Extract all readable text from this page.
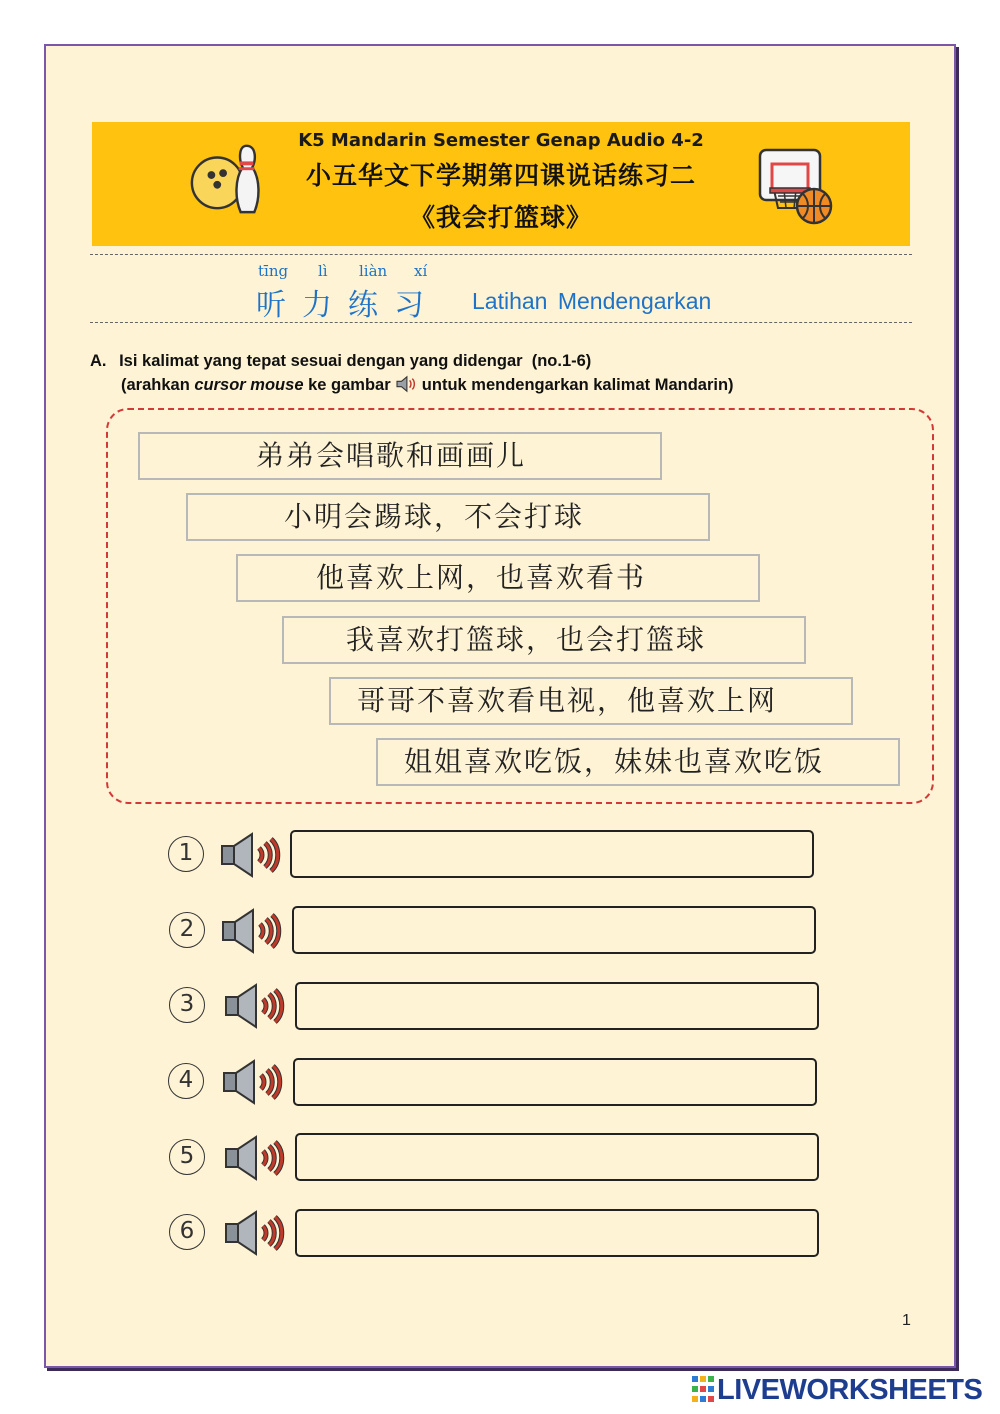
K5 Mandarin Semester Genap Audio 4-2
小五华文下学期第四课说话练习二
《我会打篮球》
tīng lì liàn xí
听力练习 Latihan Mendengarkan
A. Isi kalimat yang tepat sesuai dengan yang didengar  (no.1-6)
(arahkan cursor mouse ke gambar  untuk mendengarkan kalimat Mandarin)
弟弟会唱歌和画画儿
小明会踢球，不会打球
他喜欢上网，也喜欢看书
我喜欢打篮球，也会打篮球
哥哥不喜欢看电视，他喜欢上网
姐姐喜欢吃饭，妹妹也喜欢吃饭
1
2
3
4
5
6
1
LIVEWORKSHEETS
